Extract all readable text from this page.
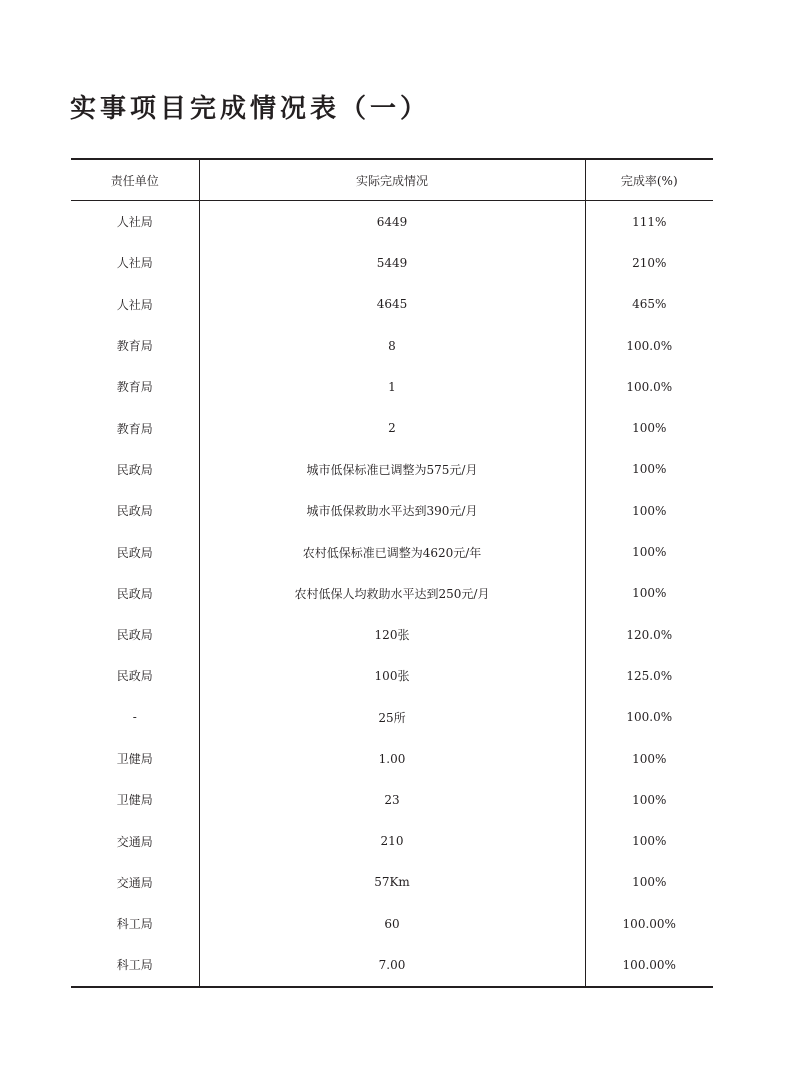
实事项目完成情况表（一）
责任单位	实际完成情况	完成率(%)
人社局	6449	111%
人社局	5449	210%
人社局	4645	465%
教育局	8	100.0%
教育局	1	100.0%
教育局	2	100%
民政局	城市低保标准已调整为575元/月	100%
民政局	城市低保救助水平达到390元/月	100%
民政局	农村低保标准已调整为4620元/年	100%
民政局	农村低保人均救助水平达到250元/月	100%
民政局	120张	120.0%
民政局	100张	125.0%
-	25所	100.0%
卫健局	1.00	100%
卫健局	23	100%
交通局	210	100%
交通局	57Km	100%
科工局	60	100.00%
科工局	7.00	100.00%
